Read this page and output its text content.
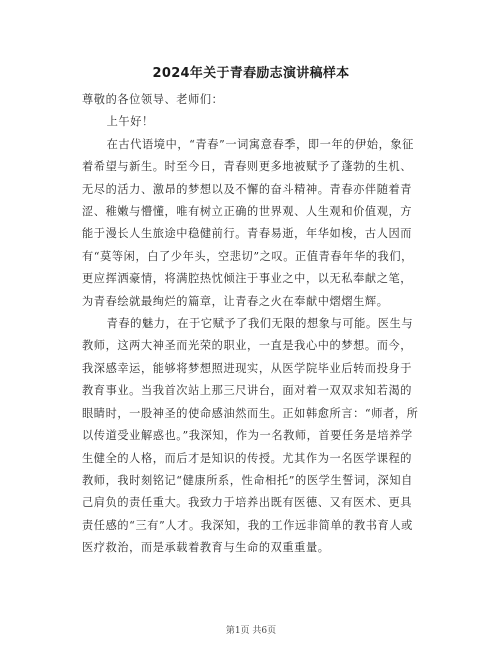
2024年关于青春励志演讲稿样本

尊敬的各位领导、老师们：

上午好！

在古代语境中，“青春”一词寓意春季，即一年的伊始，象征着希望与新生。时至今日，青春则更多地被赋予了蓬勃的生机、无尽的活力、激昂的梦想以及不懈的奋斗精神。青春亦伴随着青涩、稚嫩与懵懂，唯有树立正确的世界观、人生观和价值观，方能于漫长人生旅途中稳健前行。青春易逝，年华如梭，古人因而有“莫等闲，白了少年头，空悲切”之叹。正值青春年华的我们，更应挥洒豪情，将满腔热忱倾注于事业之中，以无私奉献之笔，为青春绘就最绚烂的篇章，让青春之火在奉献中熠熠生辉。

青春的魅力，在于它赋予了我们无限的想象与可能。医生与教师，这两大神圣而光荣的职业，一直是我心中的梦想。而今，我深感幸运，能够将梦想照进现实，从医学院毕业后转而投身于教育事业。当我首次站上那三尺讲台，面对着一双双求知若渴的眼睛时，一股神圣的使命感油然而生。正如韩愈所言：“师者，所以传道受业解惑也。”我深知，作为一名教师，首要任务是培养学生健全的人格，而后才是知识的传授。尤其作为一名医学课程的教师，我时刻铭记“健康所系，性命相托”的医学生誓词，深知自己肩负的责任重大。我致力于培养出既有医德、又有医术、更具责任感的“三有”人才。我深知，我的工作远非简单的教书育人或医疗救治，而是承载着教育与生命的双重重量。

第1页 共6页
